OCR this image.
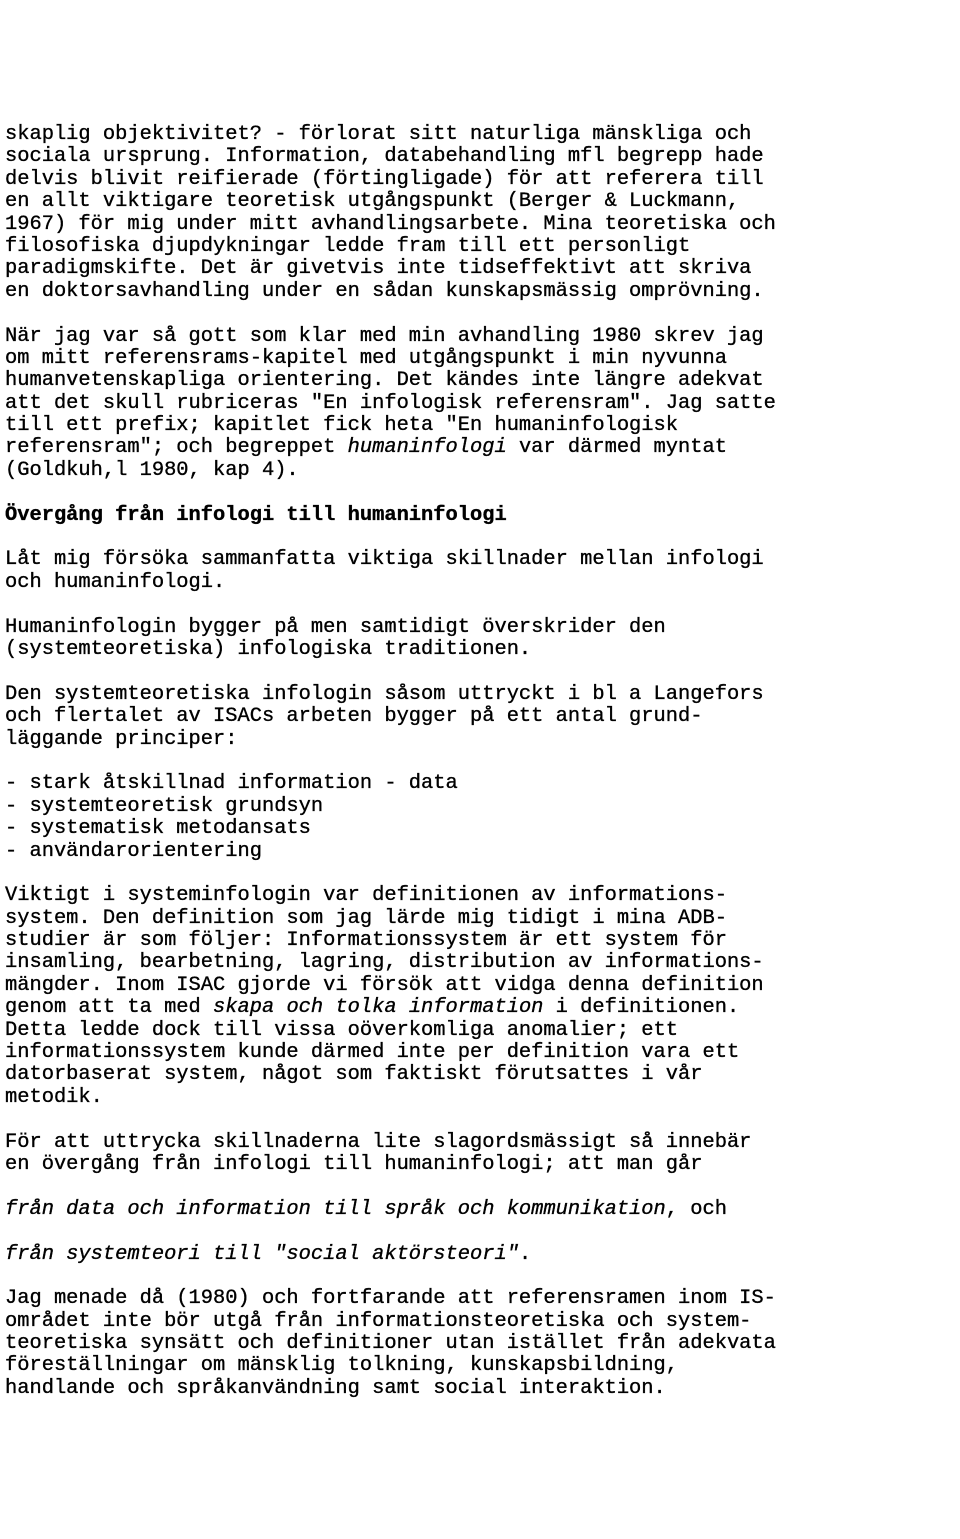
skaplig objektivitet? - förlorat sitt naturliga mänskliga och
sociala ursprung. Information, databehandling mfl begrepp hade
delvis blivit reifierade (förtingligade) för att referera till
en allt viktigare teoretisk utgångspunkt (Berger & Luckmann,
1967) för mig under mitt avhandlingsarbete. Mina teoretiska och
filosofiska djupdykningar ledde fram till ett personligt
paradigmskifte. Det är givetvis inte tidseffektivt att skriva
en doktorsavhandling under en sådan kunskapsmässig omprövning.
När jag var så gott som klar med min avhandling 1980 skrev jag
om mitt referensrams-kapitel med utgångspunkt i min nyvunna
humanvetenskapliga orientering. Det kändes inte längre adekvat
att det skull rubriceras "En infologisk referensram". Jag satte
till ett prefix; kapitlet fick heta "En humaninfologisk
referensram"; och begreppet humaninfologi var därmed myntat
(Goldkuh,l 1980, kap 4).
Övergång från infologi till humaninfologi
Låt mig försöka sammanfatta viktiga skillnader mellan infologi
och humaninfologi.
Humaninfologin bygger på men samtidigt överskrider den
(systemteoretiska) infologiska traditionen.
Den systemteoretiska infologin såsom uttryckt i bl a Langefors
och flertalet av ISACs arbeten bygger på ett antal grund-
läggande principer:
- stark åtskillnad information - data
- systemteoretisk grundsyn
- systematisk metodansats
- användarorientering
Viktigt i systeminfologin var definitionen av informations-
system. Den definition som jag lärde mig tidigt i mina ADB-
studier är som följer: Informationssystem är ett system för
insamling, bearbetning, lagring, distribution av informations-
mängder. Inom ISAC gjorde vi försök att vidga denna definition
genom att ta med skapa och tolka information i definitionen.
Detta ledde dock till vissa oöverkomliga anomalier; ett
informationssystem kunde därmed inte per definition vara ett
datorbaserat system, något som faktiskt förutsattes i vår
metodik.
För att uttrycka skillnaderna lite slagordsmässigt så innebär
en övergång från infologi till humaninfologi; att man går
från data och information till språk och kommunikation, och
från systemteori till "social aktörsteori".
Jag menade då (1980) och fortfarande att referensramen inom IS-
området inte bör utgå från informationsteoretiska och system-
teoretiska synsätt och definitioner utan istället från adekvata
föreställningar om mänsklig tolkning, kunskapsbildning,
handlande och språkanvändning samt social interaktion.
